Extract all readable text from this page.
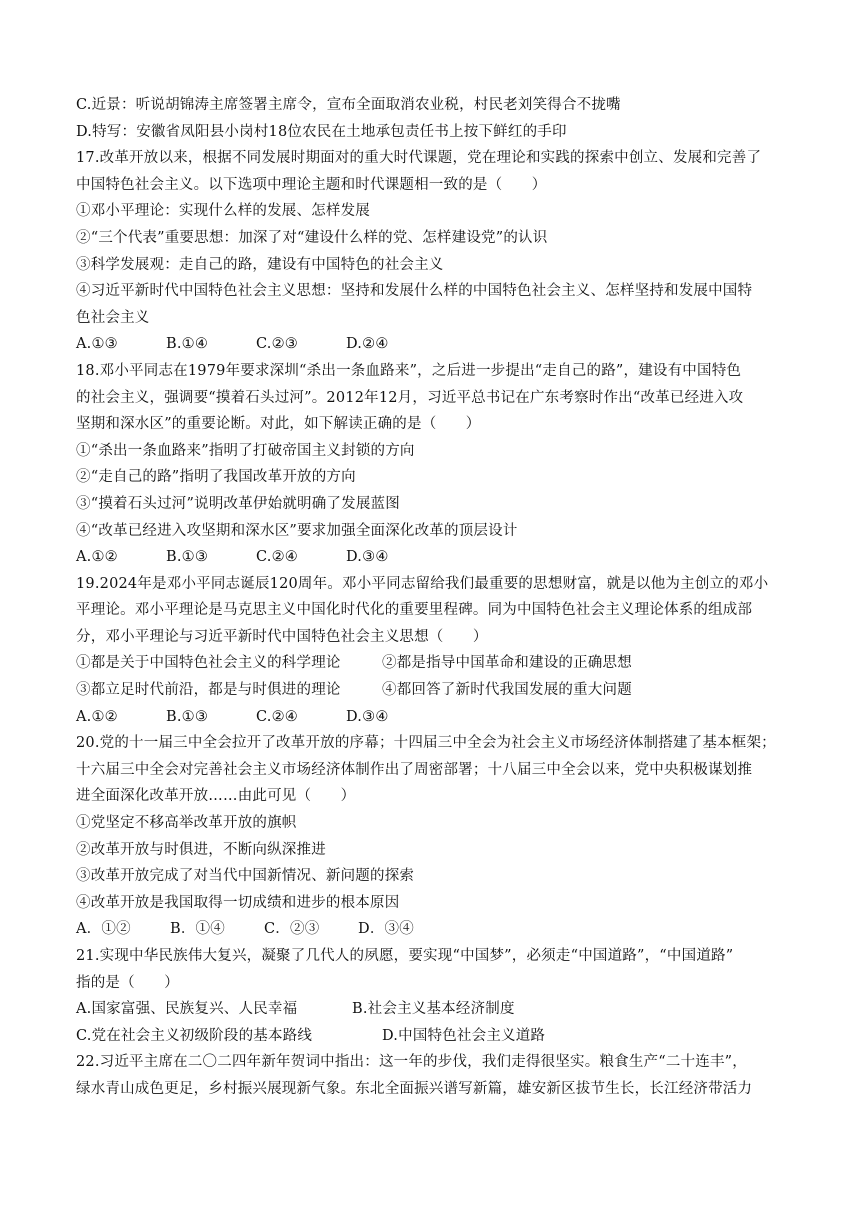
C.近景：听说胡锦涛主席签署主席令，宣布全面取消农业税，村民老刘笑得合不拢嘴
D.特写：安徽省凤阳县小岗村18位农民在土地承包责任书上按下鲜红的手印
17.改革开放以来，根据不同发展时期面对的重大时代课题，党在理论和实践的探索中创立、发展和完善了
中国特色社会主义。以下选项中理论主题和时代课题相一致的是（　　）
①邓小平理论：实现什么样的发展、怎样发展
②“三个代表”重要思想：加深了对“建设什么样的党、怎样建设党”的认识
③科学发展观：走自己的路，建设有中国特色的社会主义
④习近平新时代中国特色社会主义思想：坚持和发展什么样的中国特色社会主义、怎样坚持和发展中国特
色社会主义
A.①③	B.①④	C.②③	D.②④
18.邓小平同志在1979年要求深圳“杀出一条血路来”，之后进一步提出“走自己的路”，建设有中国特色
的社会主义，强调要“摸着石头过河”。2012年12月，习近平总书记在广东考察时作出“改革已经进入攻
坚期和深水区”的重要论断。对此，如下解读正确的是（　　）
①“杀出一条血路来”指明了打破帝国主义封锁的方向
②“走自己的路”指明了我国改革开放的方向
③“摸着石头过河”说明改革伊始就明确了发展蓝图
④“改革已经进入攻坚期和深水区”要求加强全面深化改革的顶层设计
A.①②	B.①③	C.②④	D.③④
19.2024年是邓小平同志诞辰120周年。邓小平同志留给我们最重要的思想财富，就是以他为主创立的邓小
平理论。邓小平理论是马克思主义中国化时代化的重要里程碑。同为中国特色社会主义理论体系的组成部
分，邓小平理论与习近平新时代中国特色社会主义思想（　　）
①都是关于中国特色社会主义的科学理论	②都是指导中国革命和建设的正确思想
③都立足时代前沿，都是与时俱进的理论	④都回答了新时代我国发展的重大问题
A.①②	B.①③	C.②④	D.③④
20.党的十一届三中全会拉开了改革开放的序幕；十四届三中全会为社会主义市场经济体制搭建了基本框架；
十六届三中全会对完善社会主义市场经济体制作出了周密部署；十八届三中全会以来，党中央积极谋划推
进全面深化改革开放……由此可见（　　）
①党坚定不移高举改革开放的旗帜
②改革开放与时俱进，不断向纵深推进
③改革开放完成了对当代中国新情况、新问题的探索
④改革开放是我国取得一切成绩和进步的根本原因
A．①②	B．①④	C．②③	D．③④
21.实现中华民族伟大复兴，凝聚了几代人的夙愿，要实现“中国梦”，必须走“中国道路”，“中国道路”
指的是（　　）
A.国家富强、民族复兴、人民幸福	B.社会主义基本经济制度
C.党在社会主义初级阶段的基本路线	D.中国特色社会主义道路
22.习近平主席在二〇二四年新年贺词中指出：这一年的步伐，我们走得很坚实。粮食生产“二十连丰”，
绿水青山成色更足，乡村振兴展现新气象。东北全面振兴谱写新篇，雄安新区拔节生长，长江经济带活力
